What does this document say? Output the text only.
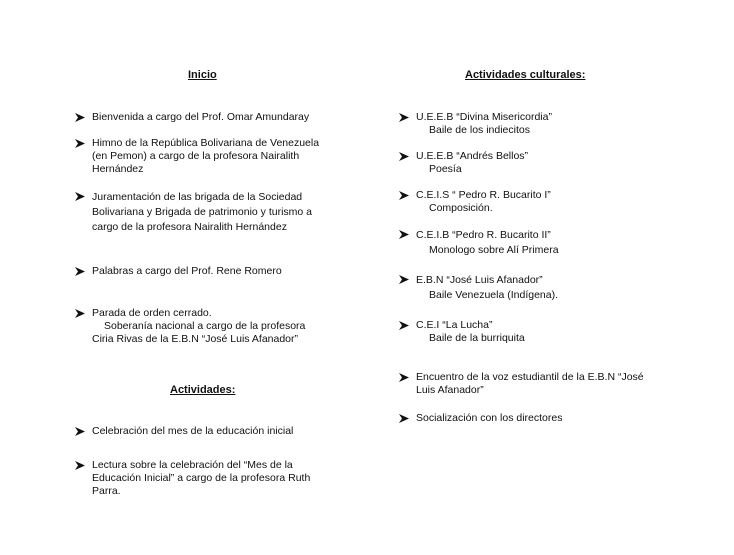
Inicio
Bienvenida a cargo del Prof. Omar Amundaray
Himno de la República Bolivariana de Venezuela
(en Pemon) a cargo de la profesora Nairalith
Hernández
Juramentación de las brigada de la Sociedad
Bolivariana y Brigada de patrimonio y turismo a
cargo de la profesora Nairalith Hernández
Palabras a cargo del Prof. Rene Romero
Parada de orden cerrado.
Soberanía nacional a cargo de la profesora
Ciria Rivas de la E.B.N “José Luis Afanador”
Actividades:
Celebración del mes de la educación inicial
Lectura sobre la celebración del “Mes de la
Educación Inicial” a cargo de la profesora Ruth
Parra.
Actividades culturales:
U.E.E.B “Divina Misericordia”
Baile de los indiecitos
U.E.E.B “Andrés Bellos”
Poesía
C.E.I.S “ Pedro R. Bucarito I”
Composición.
C.E.I.B “Pedro R. Bucarito II”
Monologo sobre Alí Primera
E.B.N “José Luis Afanador”
Baile Venezuela (Indígena).
C.E.I “La Lucha”
Baile de la burriquita
Encuentro de la voz estudiantil de la E.B.N “José
Luis Afanador”
Socialización con los directores
